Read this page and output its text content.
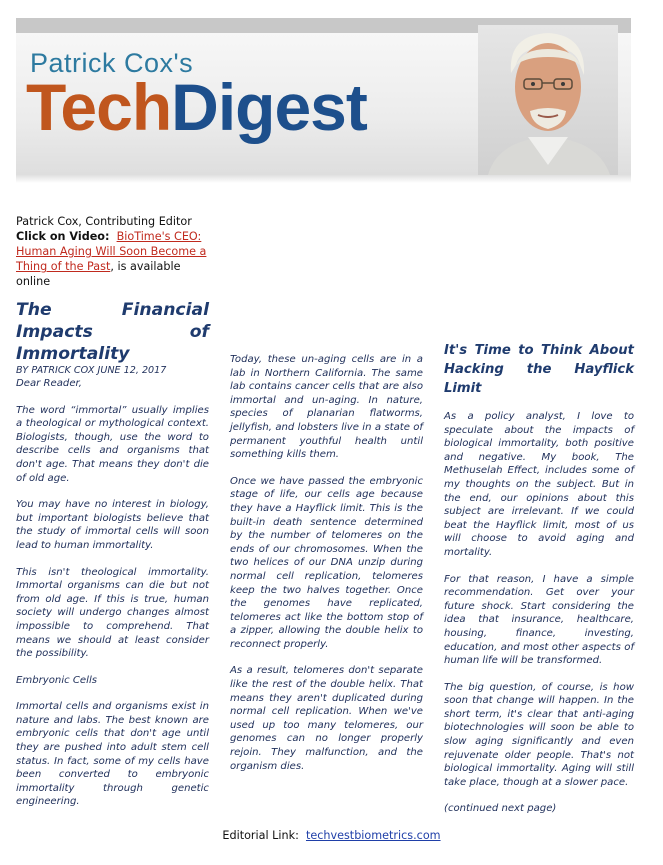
Patrick Cox's
TechDigest
Patrick Cox, Contributing Editor
Click on Video: BioTime's CEO: Human Aging Will Soon Become a Thing of the Past, is available online
The Financial Impacts of Immortality
BY PATRICK COX JUNE 12, 2017

Dear Reader,

The word “immortal” usually implies a theological or mythological context. Biologists, though, use the word to describe cells and organisms that don't age. That means they don't die of old age.

You may have no interest in biology, but important biologists believe that the study of immortal cells will soon lead to human immortality.

This isn't theological immortality. Immortal organisms can die but not from old age. If this is true, human society will undergo changes almost impossible to comprehend. That means we should at least consider the possibility.

Embryonic Cells

Immortal cells and organisms exist in nature and labs. The best known are embryonic cells that don't age until they are pushed into adult stem cell status. In fact, some of my cells have been converted to embryonic immortality through genetic engineering.

Today, these un-aging cells are in a lab in Northern California. The same lab contains cancer cells that are also immortal and un-aging. In nature, species of planarian flatworms, jellyfish, and lobsters live in a state of permanent youthful health until something kills them.

Once we have passed the embryonic stage of life, our cells age because they have a Hayflick limit. This is the built-in death sentence determined by the number of telomeres on the ends of our chromosomes. When the two helices of our DNA unzip during normal cell replication, telomeres keep the two halves together. Once the genomes have replicated, telomeres act like the bottom stop of a zipper, allowing the double helix to reconnect properly.

As a result, telomeres don't separate like the rest of the double helix. That means they aren't duplicated during normal cell replication. When we've used up too many telomeres, our genomes can no longer properly rejoin. They malfunction, and the organism dies.

It's Time to Think About Hacking the Hayflick Limit

As a policy analyst, I love to speculate about the impacts of biological immortality, both positive and negative. My book, The Methuselah Effect, includes some of my thoughts on the subject. But in the end, our opinions about this subject are irrelevant. If we could beat the Hayflick limit, most of us will choose to avoid aging and mortality.

For that reason, I have a simple recommendation. Get over your future shock. Start considering the idea that insurance, healthcare, housing, finance, investing, education, and most other aspects of human life will be transformed.

The big question, of course, is how soon that change will happen. In the short term, it's clear that anti-aging biotechnologies will soon be able to slow aging significantly and even rejuvenate older people. That's not biological immortality. Aging will still take place, though at a slower pace.

(continued next page)

Editorial Link: techvestbiometrics.com
